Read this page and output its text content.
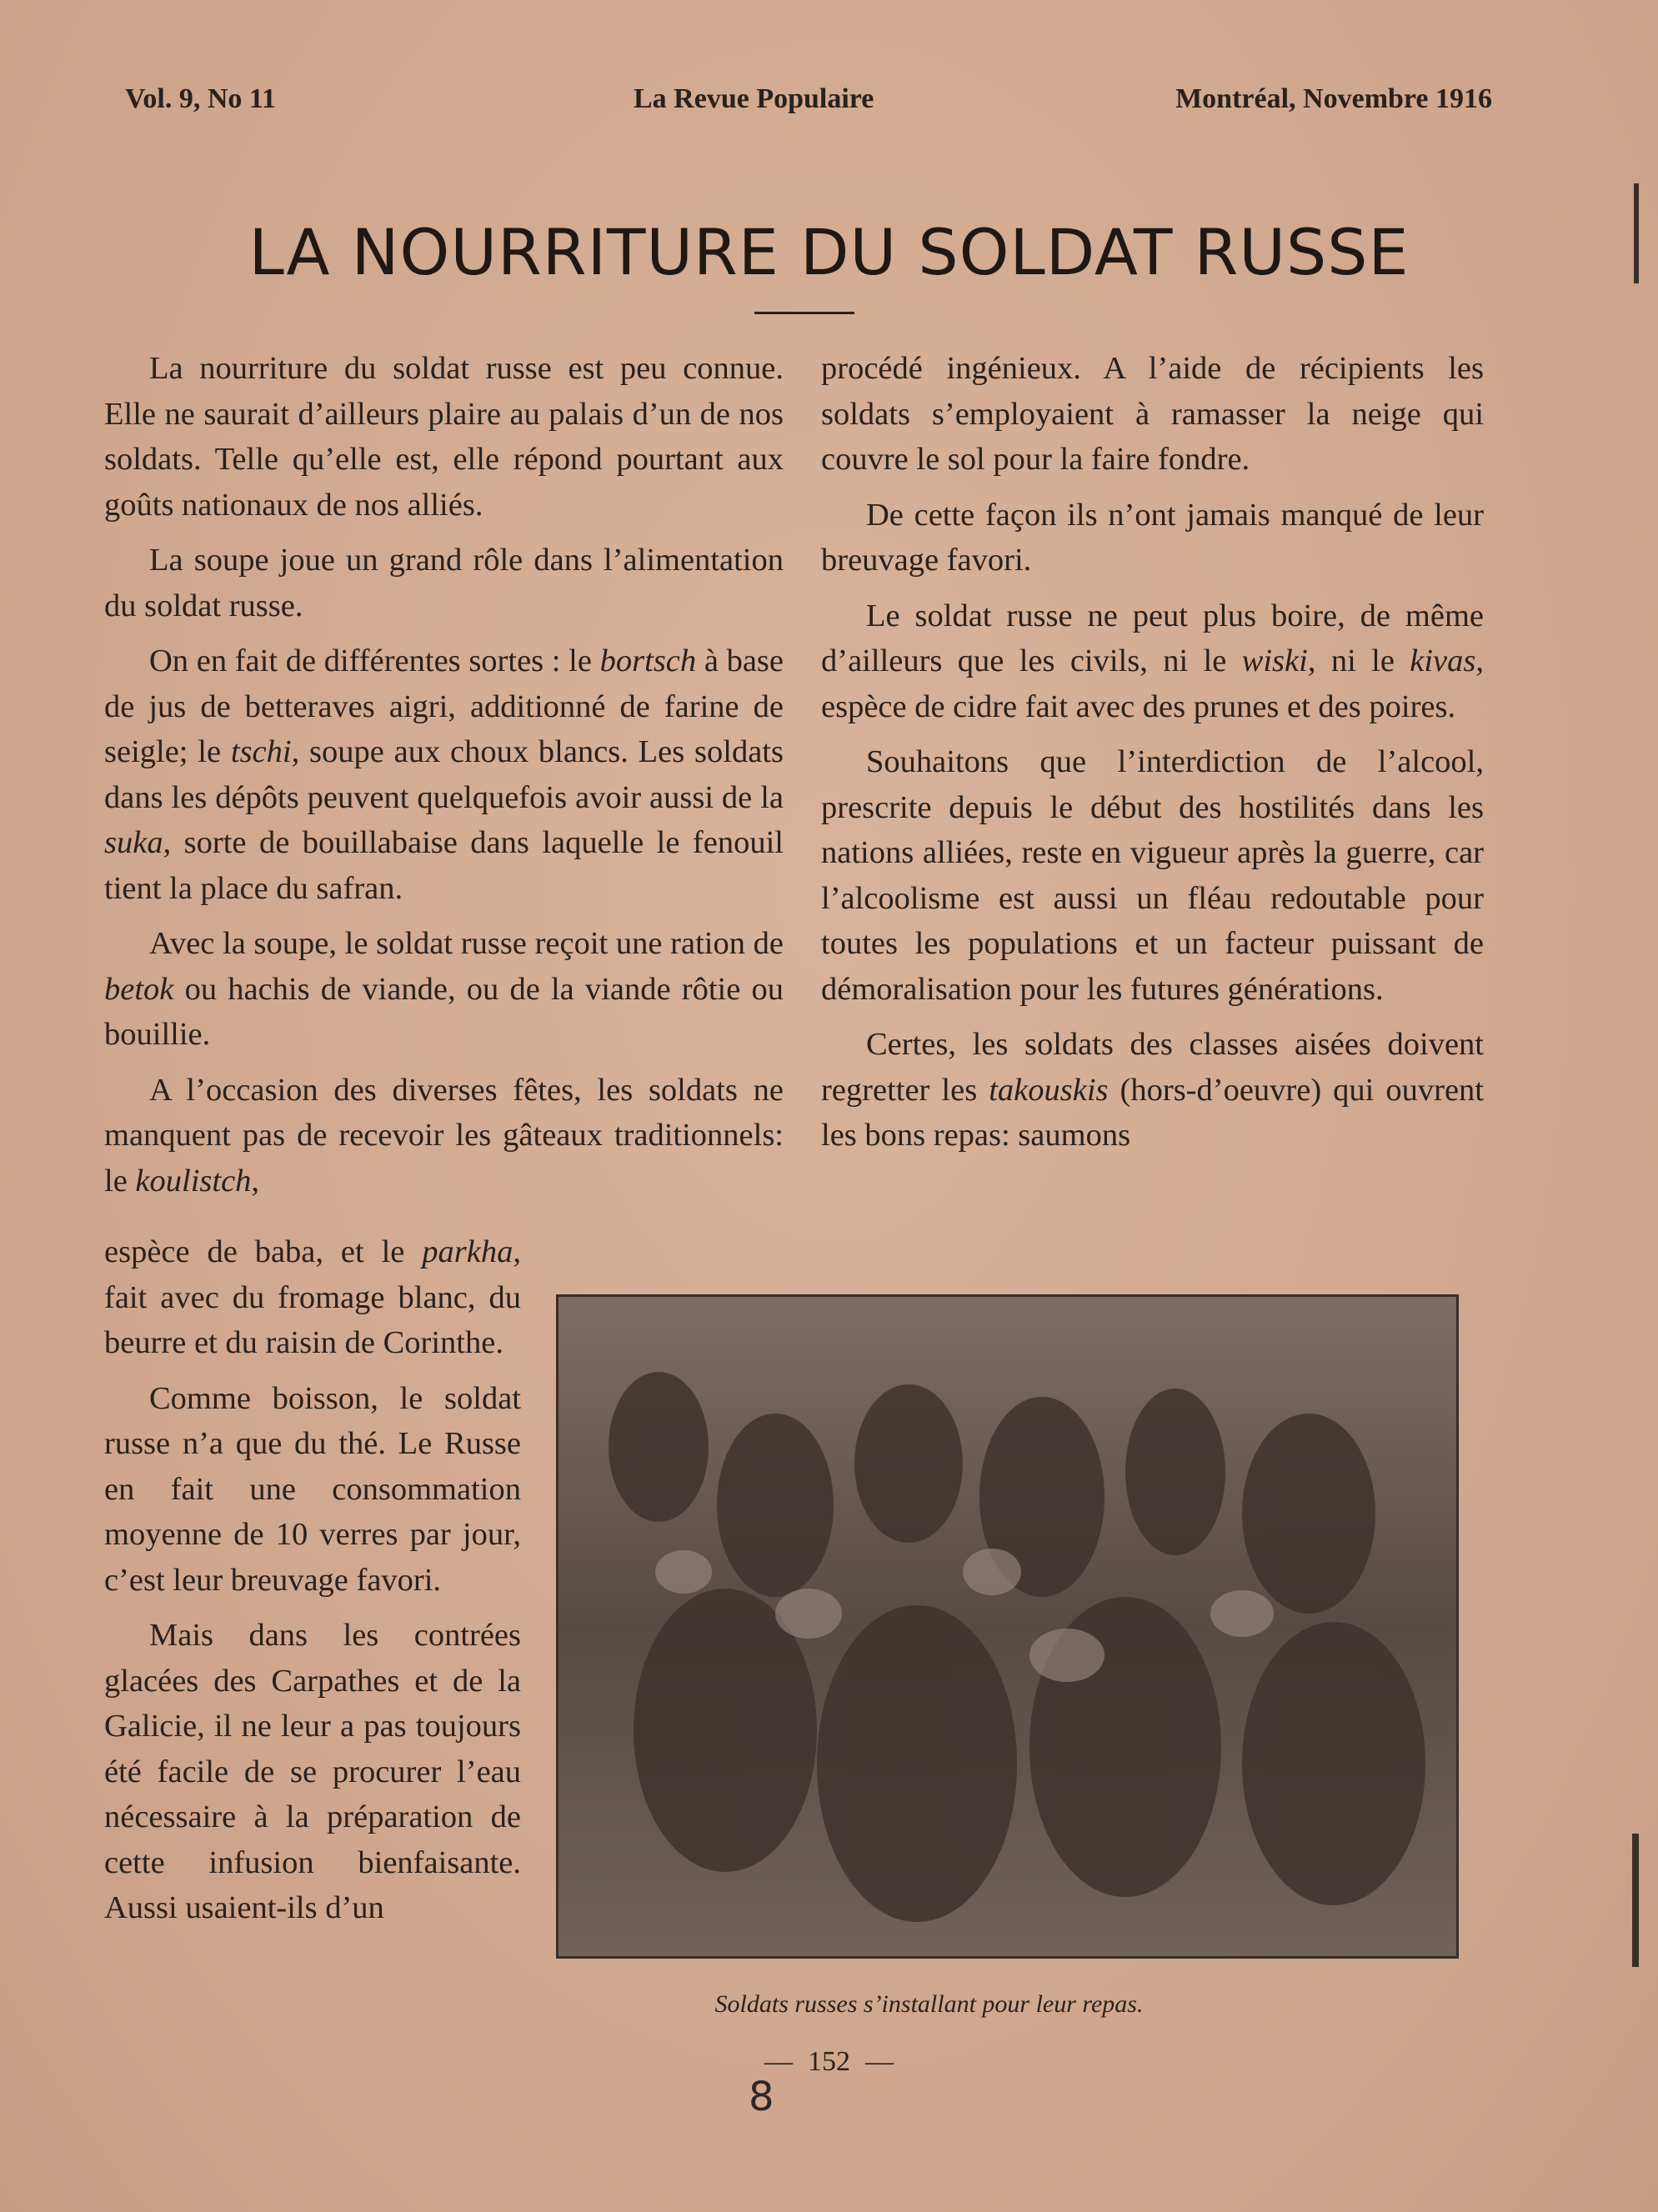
Vol. 9, No 11	La Revue Populaire	Montréal, Novembre 1916
LA NOURRITURE DU SOLDAT RUSSE

La nourriture du soldat russe est peu connue. Elle ne saurait d’ailleurs plaire au palais d’un de nos soldats. Telle qu’elle est, elle répond pourtant aux goûts nationaux de nos alliés.

La soupe joue un grand rôle dans l’alimentation du soldat russe.

On en fait de différentes sortes : le bortsch à base de jus de betteraves aigri, additionné de farine de seigle; le tschi, soupe aux choux blancs. Les soldats dans les dépôts peuvent quelquefois avoir aussi de la suka, sorte de bouillabaise dans laquelle le fenouil tient la place du safran.

Avec la soupe, le soldat russe reçoit une ration de betok ou hachis de viande, ou de la viande rôtie ou bouillie.

A l’occasion des diverses fêtes, les soldats ne manquent pas de recevoir les gâteaux traditionnels: le koulistch,

espèce de baba, et le parkha, fait avec du fromage blanc, du beurre et du raisin de Corinthe.

Comme boisson, le soldat russe n’a que du thé. Le Russe en fait une consommation moyenne de 10 verres par jour, c’est leur breuvage favori.

Mais dans les contrées glacées des Carpathes et de la Galicie, il ne leur a pas toujours été facile de se procurer l’eau nécessaire à la préparation de cette infusion bienfaisante. Aussi usaient-ils d’un

procédé ingénieux. A l’aide de récipients les soldats s’employaient à ramasser la neige qui couvre le sol pour la faire fondre.

De cette façon ils n’ont jamais manqué de leur breuvage favori.

Le soldat russe ne peut plus boire, de même d’ailleurs que les civils, ni le wiski, ni le kivas, espèce de cidre fait avec des prunes et des poires.

Souhaitons que l’interdiction de l’alcool, prescrite depuis le début des hostilités dans les nations alliées, reste en vigueur après la guerre, car l’alcoolisme est aussi un fléau redoutable pour toutes les populations et un facteur puissant de démoralisation pour les futures générations.

Certes, les soldats des classes aisées doivent regretter les takouskis (hors-d’oeuvre) qui ouvrent les bons repas: saumons

Soldats russes s’installant pour leur repas.
— 152 —
8
